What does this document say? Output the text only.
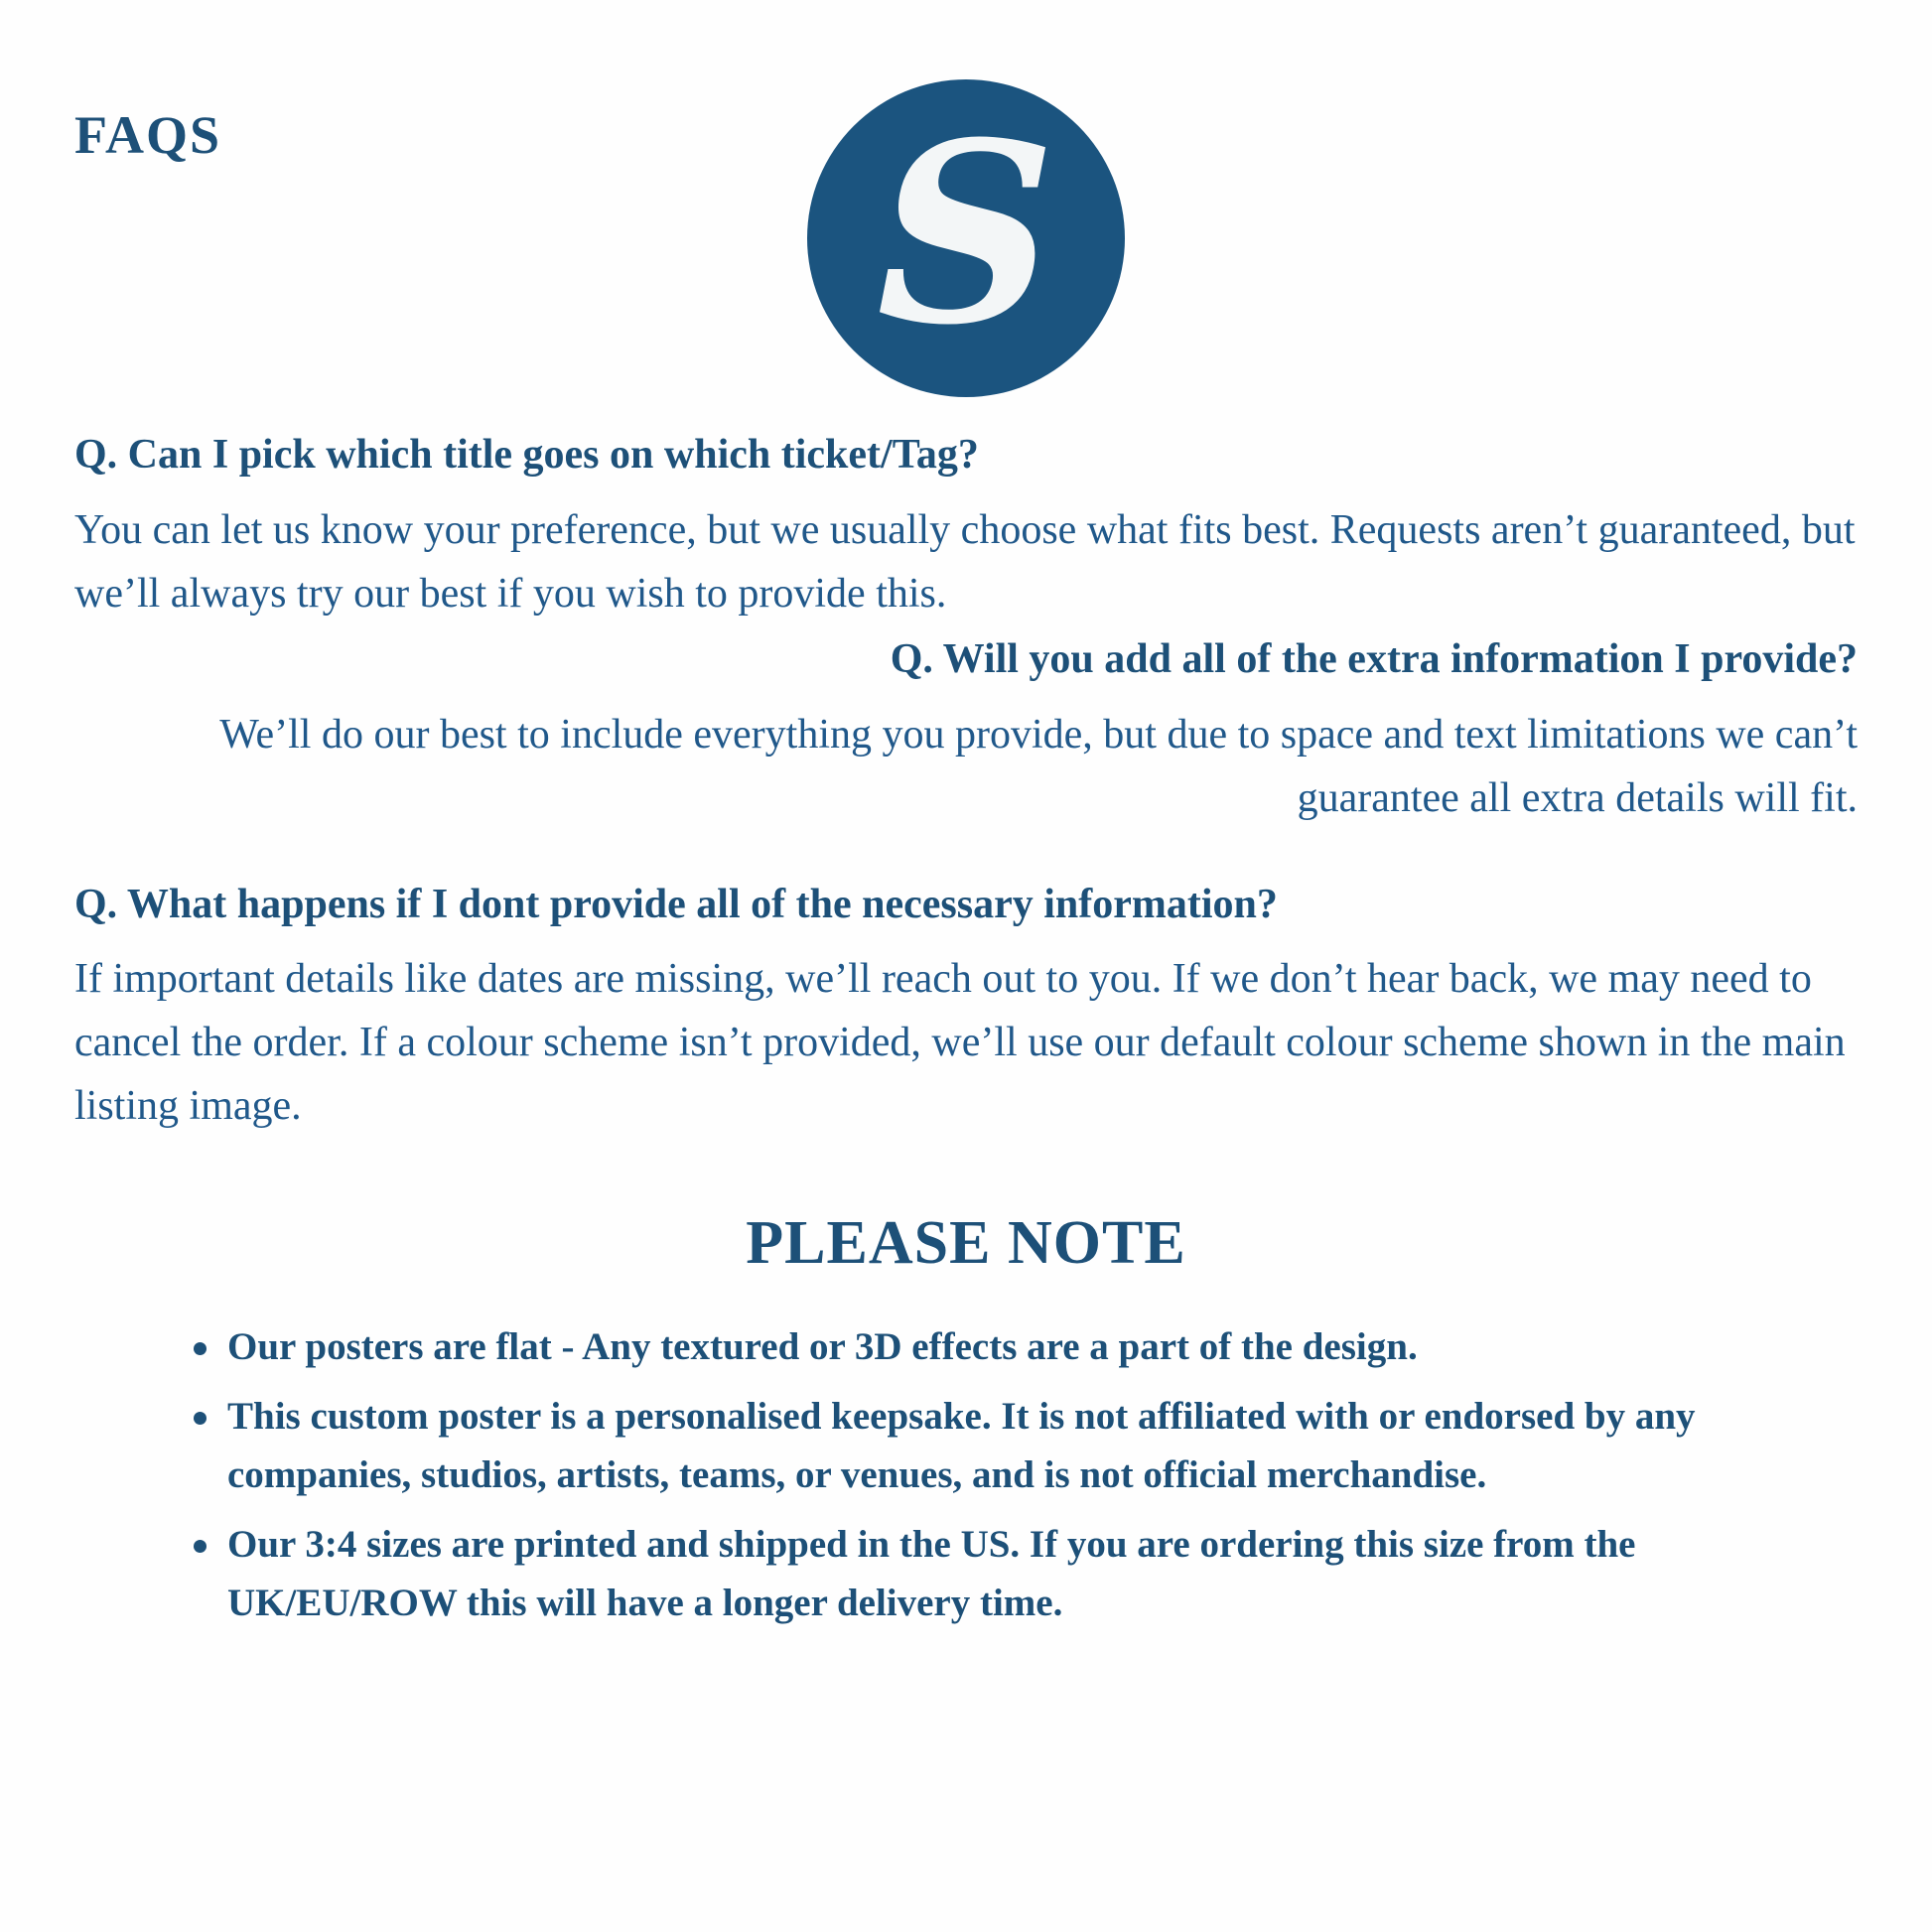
FAQS	S
Q. Can I pick which title goes on which ticket/Tag?
You can let us know your preference, but we usually choose what fits best. Requests aren’t guaranteed, but we’ll always try our best if you wish to provide this.
Q. Will you add all of the extra information I provide?
We’ll do our best to include everything you provide, but due to space and text limitations we can’t guarantee all extra details will fit.
Q. What happens if I dont provide all of the necessary information?
If important details like dates are missing, we’ll reach out to you. If we don’t hear back, we may need to cancel the order. If a colour scheme isn’t provided, we’ll use our default colour scheme shown in the main listing image.
PLEASE NOTE
Our posters are flat - Any textured or 3D effects are a part of the design.
This custom poster is a personalised keepsake. It is not affiliated with or endorsed by any companies, studios, artists, teams, or venues, and is not official merchandise.
Our 3:4 sizes are printed and shipped in the US. If you are ordering this size from the UK/EU/ROW this will have a longer delivery time.
